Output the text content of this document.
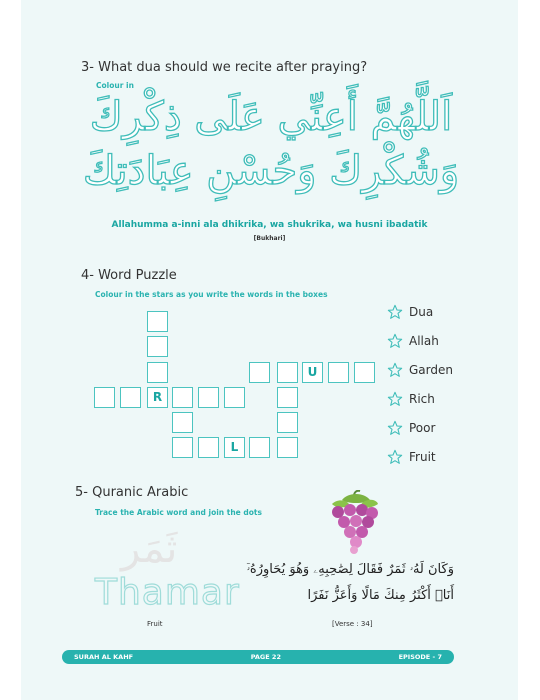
3- What dua should we recite after praying?
Colour in
اَللَّهُمَّ أَعِنِّي عَلَى ذِكْرِكَ
وَشُكْرِكَ وَحُسْنِ عِبَادَتِكَ
Allahumma a-inni ala dhikrika, wa shukrika, wa husni ibadatik
[Bukhari]
4- Word Puzzle
Colour in the stars as you write the words in the boxes
U
R
L
Dua
Allah
Garden
Rich
Poor
Fruit
5- Quranic Arabic
Trace the Arabic word and join the dots
ثَمَر
Thamar
Fruit
وَكَانَ لَهُۥ ثَمَرٌ فَقَالَ لِصَٰحِبِهِۦ وَهُوَ يُحَاوِرُهُۥٓ
أَنَا۠ أَكْثَرُ مِنكَ مَالًا وَأَعَزُّ نَفَرًا
[Verse : 34]
SURAH AL KAHF	PAGE 22	EPISODE - 7
